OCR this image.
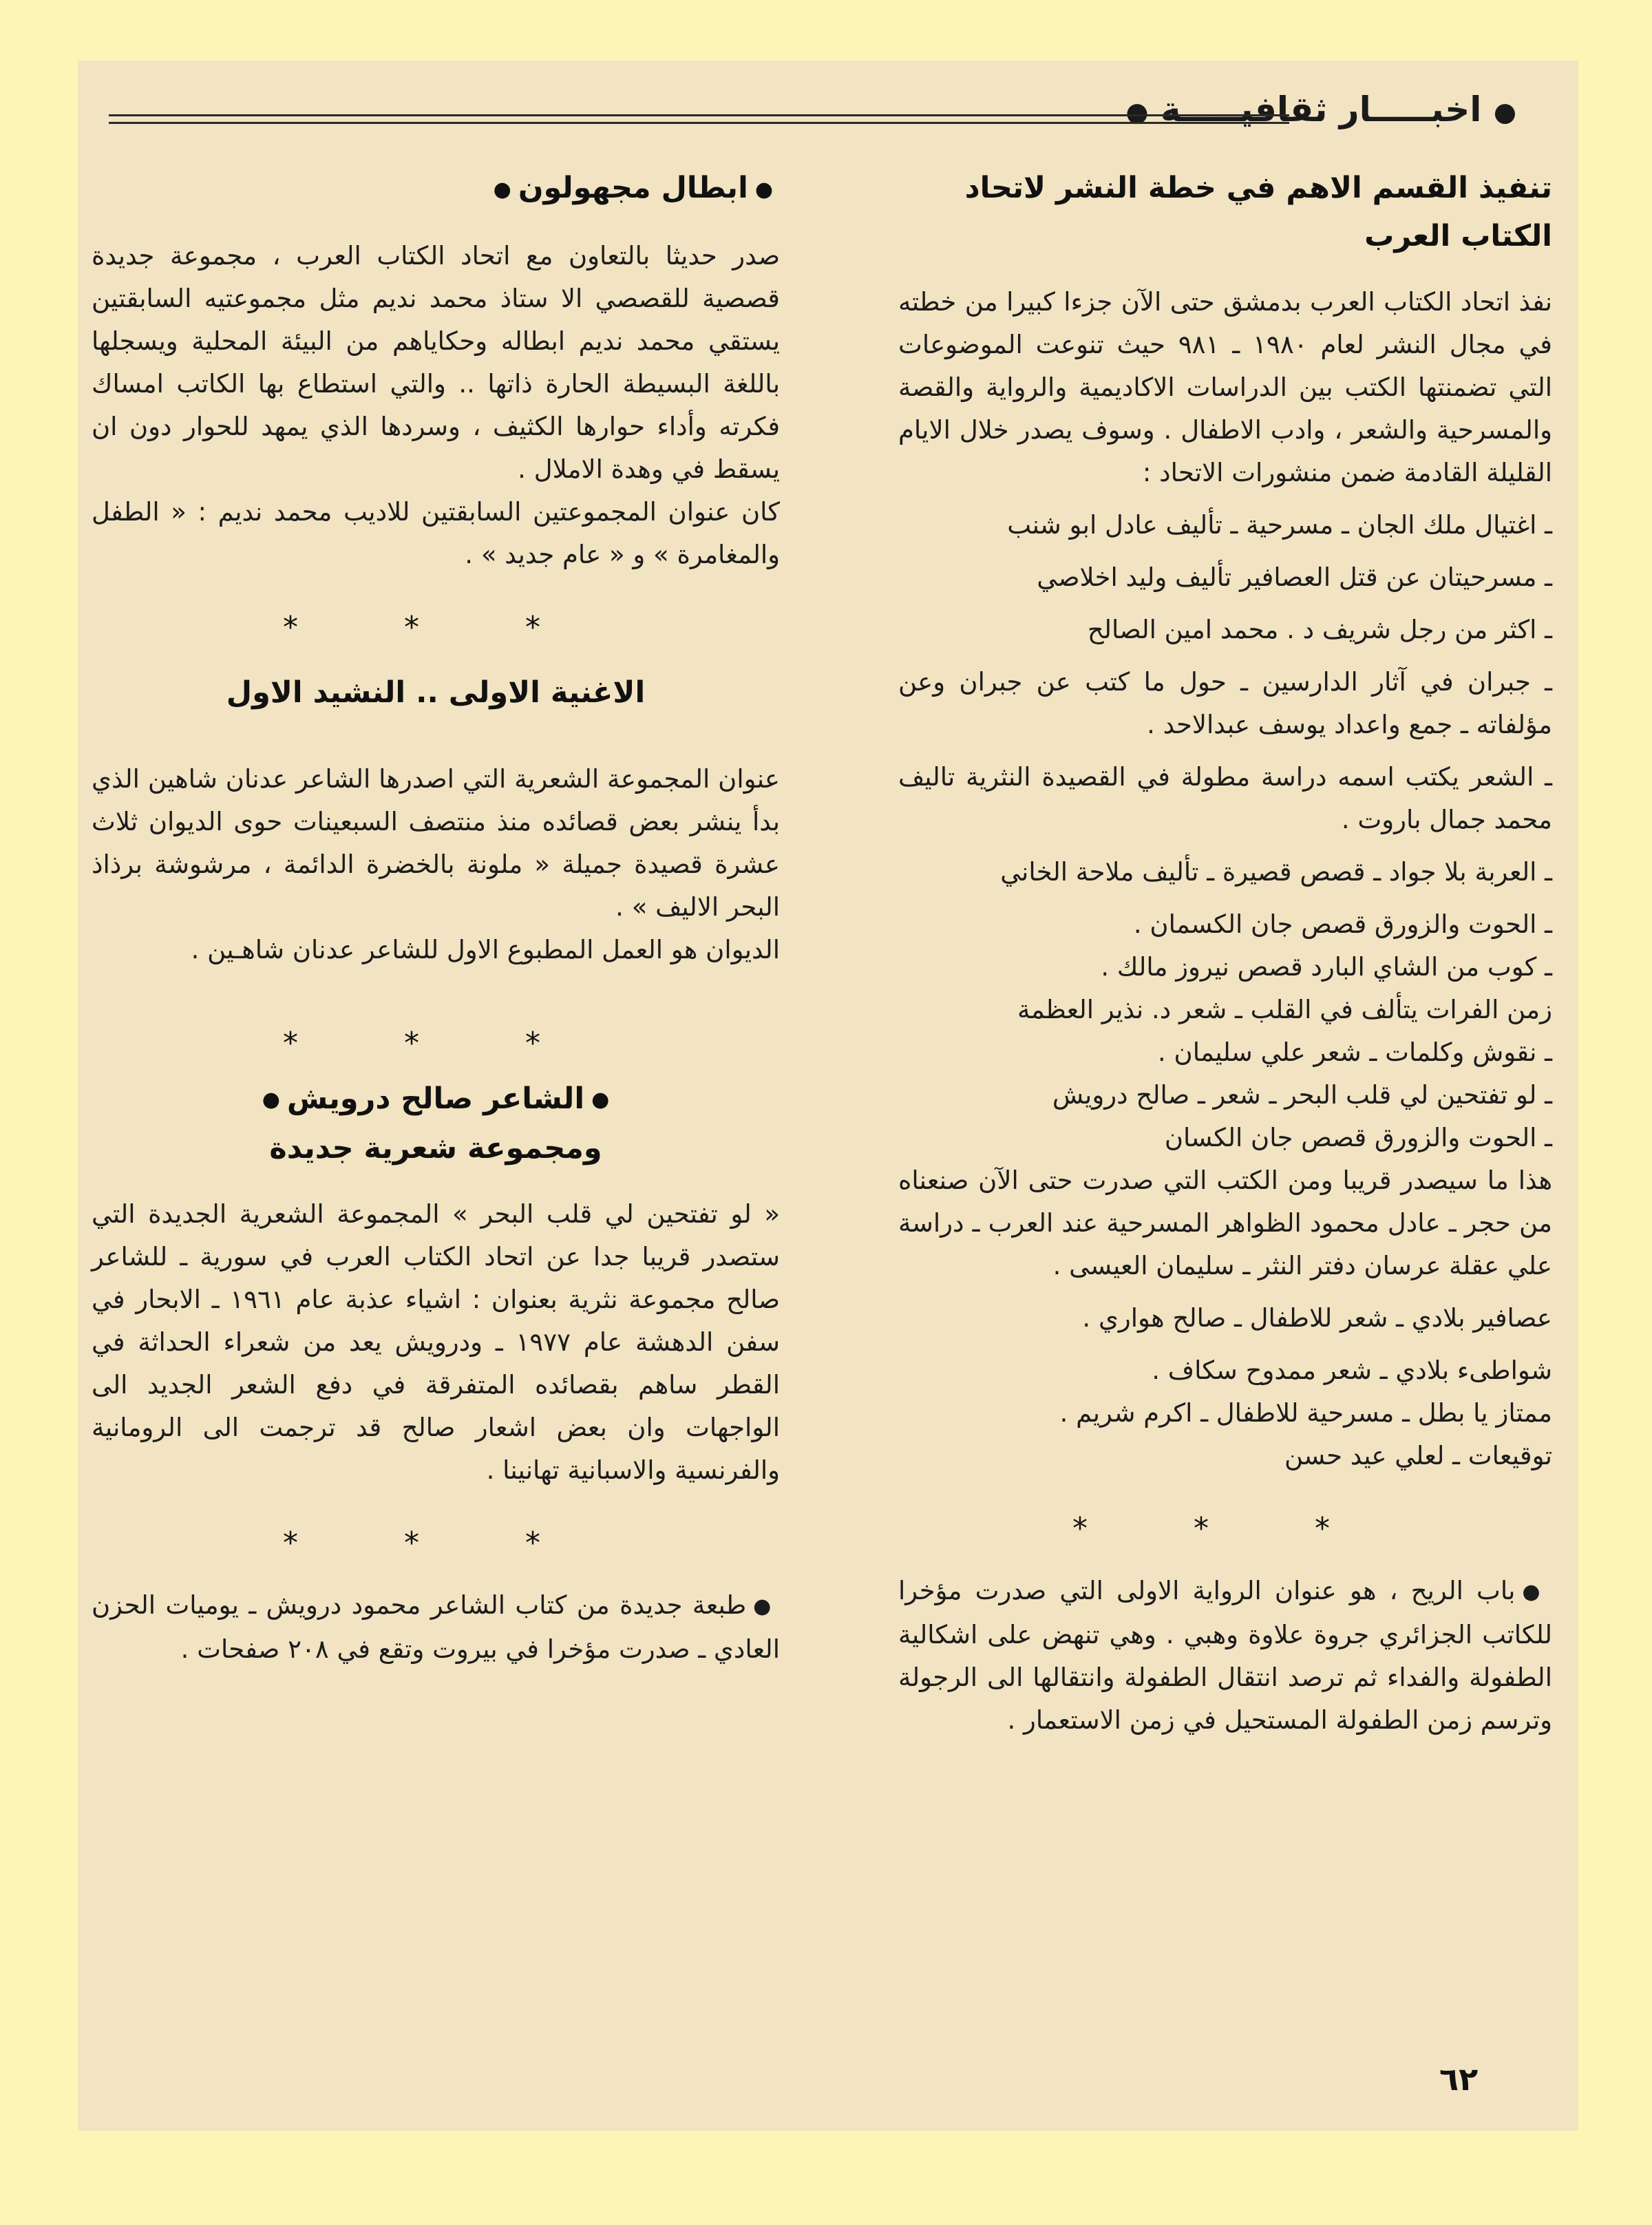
● اخبـــــار ثقافيـــــة ●
تنفيذ القسم الاهم في خطة النشر لاتحاد الكتاب العرب

نفذ اتحاد الكتاب العرب بدمشق حتى الآن جزءا كبيرا من خطته في مجال النشر لعام ١٩٨٠ ـ ٩٨١ حيث تنوعت الموضوعات التي تضمنتها الكتب بين الدراسات الاكاديمية والرواية والقصة والمسرحية والشعر ، وادب الاطفال . وسوف يصدر خلال الايام القليلة القادمة ضمن منشورات الاتحاد :

ـ اغتيال ملك الجان ـ مسرحية ـ تأليف عادل ابو شنب

ـ مسرحيتان عن قتل العصافير تأليف وليد اخلاصي

ـ اكثر من رجل شريف د . محمد امين الصالح

ـ جبران في آثار الدارسين ـ حول ما كتب عن جبران وعن مؤلفاته ـ جمع واعداد يوسف عبدالاحد .

ـ الشعر يكتب اسمه دراسة مطولة في القصيدة النثرية تاليف محمد جمال باروت .

ـ العربة بلا جواد ـ قصص قصيرة ـ تأليف ملاحة الخاني

ـ الحوت والزورق قصص جان الكسمان .

ـ كوب من الشاي البارد قصص نيروز مالك .

زمن الفرات يتألف في القلب ـ شعر د. نذير العظمة

ـ نقوش وكلمات ـ شعر علي سليمان .

ـ لو تفتحين لي قلب البحر ـ شعر ـ صالح درويش

ـ الحوت والزورق قصص جان الكسان

هذا ما سيصدر قريبا ومن الكتب التي صدرت حتى الآن صنعناه من حجر ـ عادل محمود الظواهر المسرحية عند العرب ـ دراسة علي عقلة عرسان دفتر النثر ـ سليمان العيسى .

عصافير بلادي ـ شعر للاطفال ـ صالح هواري .

شواطىء بلادي ـ شعر ممدوح سكاف .

ممتاز يا بطل ـ مسرحية للاطفال ـ اكرم شريم .

توقيعات ـ لعلي عيد حسن

* * *

●باب الريح ، هو عنوان الرواية الاولى التي صدرت مؤخرا للكاتب الجزائري جروة علاوة وهبي . وهي تنهض على اشكالية الطفولة والفداء ثم ترصد انتقال الطفولة وانتقالها الى الرجولة وترسم زمن الطفولة المستحيل في زمن الاستعمار .

●ابطال مجهولون●

صدر حديثا بالتعاون مع اتحاد الكتاب العرب ، مجموعة جديدة قصصية للقصصي الا ستاذ محمد نديم مثل مجموعتيه السابقتين يستقي محمد نديم ابطاله وحكاياهم من البيئة المحلية ويسجلها باللغة البسيطة الحارة ذاتها .. والتي استطاع بها الكاتب امساك فكرته وأداء حوارها الكثيف ، وسردها الذي يمهد للحوار دون ان يسقط في وهدة الاملال .

كان عنوان المجموعتين السابقتين للاديب محمد نديم : « الطفل والمغامرة » و « عام جديد » .

* * *
الاغنية الاولى .. النشيد الاول

عنوان المجموعة الشعرية التي اصدرها الشاعر عدنان شاهين الذي بدأ ينشر بعض قصائده منذ منتصف السبعينات حوى الديوان ثلاث عشرة قصيدة جميلة « ملونة بالخضرة الدائمة ، مرشوشة برذاذ البحر الاليف » .

الديوان هو العمل المطبوع الاول للشاعر عدنان شاهـين .

* * *
●الشاعر صالح درويش●
ومجموعة شعرية جديدة

« لو تفتحين لي قلب البحر » المجموعة الشعرية الجديدة التي ستصدر قريبا جدا عن اتحاد الكتاب العرب في سورية ـ للشاعر صالح مجموعة نثرية بعنوان : اشياء عذبة عام ١٩٦١ ـ الابحار في سفن الدهشة عام ١٩٧٧ ـ ودرويش يعد من شعراء الحداثة في القطر ساهم بقصائده المتفرقة في دفع الشعر الجديد الى الواجهات وان بعض اشعار صالح قد ترجمت الى الرومانية والفرنسية والاسبانية تهانينا .

* * *

●طبعة جديدة من كتاب الشاعر محمود درويش ـ يوميات الحزن العادي ـ صدرت مؤخرا في بيروت وتقع في ٢٠٨ صفحات .

٦٢
